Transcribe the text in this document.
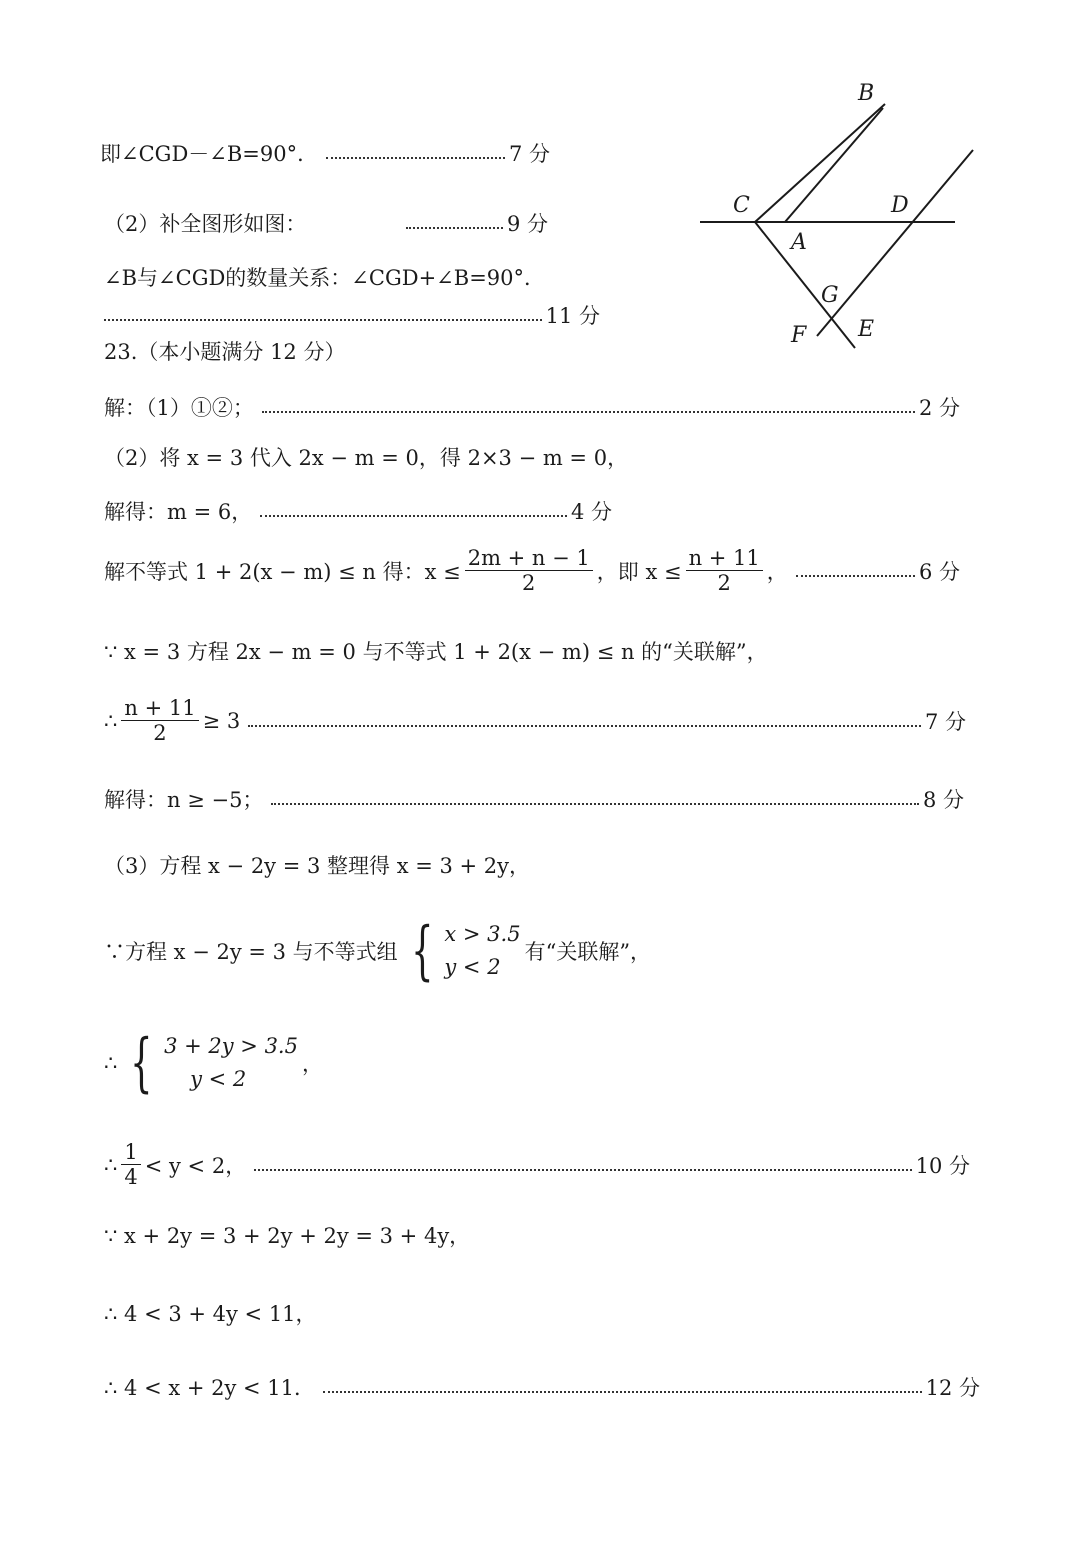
B
C	D
A
G
F E
即∠CGD－∠B=90°．	7 分
（2）补全图形如图：	9 分
∠B与∠CGD的数量关系：∠CGD+∠B=90°．
11 分
23.（本小题满分 12 分）
解：（1）①②；	2 分
（2）将 x = 3 代入 2x − m = 0，得 2×3 − m = 0，
解得：m = 6，	4 分
解不等式 1 + 2(x − m) ≤ n 得：$x \le \frac{2m + n - 1}{2}$ ，即 $x \le \frac{n + 11}{2}$ ，	6 分
∵ x = 3 方程 2x − m = 0 与不等式 1 + 2(x − m) ≤ n 的“关联解”，
∴ $\frac{n + 11}{2} \ge 3$	7 分
解得：n ≥ −5；	8 分
（3）方程 x − 2y = 3 整理得 x = 3 + 2y，
∵方程 x − 2y = 3 与不等式组 { x > 3.5
y < 2
有“关联解”，
∴ { 3 + 2y > 3.5
y < 2
，
∴ $\frac{1}{4} < y < 2$，	10 分
∵ x + 2y = 3 + 2y + 2y = 3 + 4y，
∴ 4 < 3 + 4y < 11，
∴ 4 < x + 2y < 11．	12 分
